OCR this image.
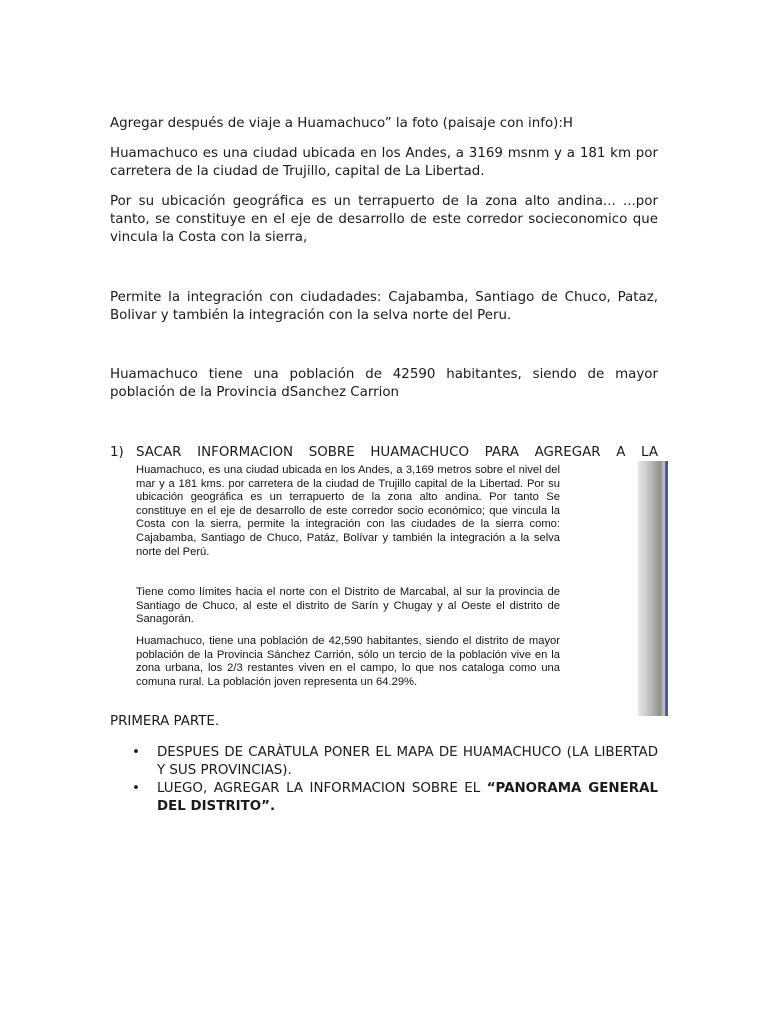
Agregar después de viaje a Huamachuco” la foto (paisaje con info):H

Huamachuco es una ciudad ubicada en los Andes, a 3169 msnm y a 181 km por carretera de la ciudad de Trujillo, capital de La Libertad.

Por su ubicación geográfica es un terrapuerto de la zona alto andina... ...por tanto, se constituye en el eje de desarrollo de este corredor socieconomico que vincula la Costa con la sierra,

Permite la integración con ciudadades: Cajabamba, Santiago de Chuco, Pataz, Bolivar y también la integración con la selva norte del Peru.

Huamachuco tiene una población de 42590 habitantes, siendo de mayor población de la Provincia dSanchez Carrion

1) SACAR INFORMACION SOBRE HUAMACHUCO PARA AGREGAR A LA

Huamachuco, es una ciudad ubicada en los Andes, a 3,169 metros sobre el nivel del mar y a 181 kms. por carretera de la ciudad de Trujillo capital de la Libertad. Por su ubicación geográfica es un terrapuerto de la zona alto andina. Por tanto Se constituye en el eje de desarrollo de este corredor socio económico; que vincula la Costa con la sierra, permite la integración con las ciudades de la sierra como: Cajabamba, Santiago de Chuco, Patáz, Bolívar y también la integración a la selva norte del Perú.

Tiene como límites hacia el norte con el Distrito de Marcabal, al sur la provincia de Santiago de Chuco, al este el distrito de Sarín y Chugay y al Oeste el distrito de Sanagorán.

Huamachuco, tiene una población de 42,590 habitantes, siendo el distrito de mayor población de la Provincia Sánchez Carrión, sólo un tercio de la población vive en la zona urbana, los 2/3 restantes viven en el campo, lo que nos cataloga como una comuna rural. La población joven representa un 64.29%.

PRIMERA PARTE.
• DESPUES DE CARÀTULA PONER EL MAPA DE HUAMACHUCO (LA LIBERTAD Y SUS PROVINCIAS).
• LUEGO, AGREGAR LA INFORMACION SOBRE EL “PANORAMA GENERAL DEL DISTRITO”.
